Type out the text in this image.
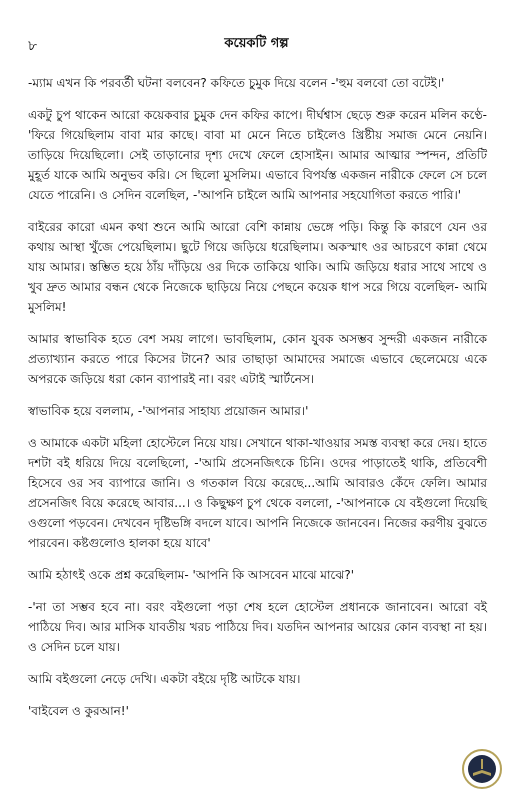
৮	কয়েকটি গল্প

-ম্যাম এখন কি পরবর্তী ঘটনা বলবেন? কফিতে চুমুক দিয়ে বলেন -'হুম বলবো তো বটেই।'

একটু চুপ থাকেন আরো কয়েকবার চুমুক দেন কফির কাপে। দীর্ঘশ্বাস ছেড়ে শুরু করেন মলিন কণ্ঠে- 'ফিরে গিয়েছিলাম বাবা মার কাছে। বাবা মা মেনে নিতে চাইলেও খ্রিষ্টীয় সমাজ মেনে নেয়নি। তাড়িয়ে দিয়েছিলো। সেই তাড়ানোর দৃশ্য দেখে ফেলে হোসাইন। আমার আত্মার স্পন্দন, প্রতিটি মুহূর্ত যাকে আমি অনুভব করি। সে ছিলো মুসলিম। এভাবে বিপর্যস্ত একজন নারীকে ফেলে সে চলে যেতে পারেনি। ও সেদিন বলেছিল, -'আপনি চাইলে আমি আপনার সহযোগিতা করতে পারি।'

বাইরের কারো এমন কথা শুনে আমি আরো বেশি কান্নায় ভেঙ্গে পড়ি। কিন্তু কি কারণে যেন ওর কথায় আস্থা খুঁজে পেয়েছিলাম। ছুটে গিয়ে জড়িয়ে ধরেছিলাম। অকস্মাৎ ওর আচরণে কান্না থেমে যায় আমার। স্তম্ভিত হয়ে ঠাঁয় দাঁড়িয়ে ওর দিকে তাকিয়ে থাকি। আমি জড়িয়ে ধরার সাথে সাথে ও খুব দ্রুত আমার বন্ধন থেকে নিজেকে ছাড়িয়ে নিয়ে পেছনে কয়েক ধাপ সরে গিয়ে বলেছিল- আমি মুসলিম!

আমার স্বাভাবিক হতে বেশ সময় লাগে। ভাবছিলাম, কোন যুবক অসম্ভব সুন্দরী একজন নারীকে প্রত্যাখ্যান করতে পারে কিসের টানে? আর তাছাড়া আমাদের সমাজে এভাবে ছেলেমেয়ে একে অপরকে জড়িয়ে ধরা কোন ব্যাপারই না। বরং এটাই স্মার্টনেস।

স্বাভাবিক হয়ে বললাম, -'আপনার সাহায্য প্রয়োজন আমার।'

ও আমাকে একটা মহিলা হোস্টেলে নিয়ে যায়। সেখানে থাকা-খাওয়ার সমস্ত ব্যবস্থা করে দেয়। হাতে দশটা বই ধরিয়ে দিয়ে বলেছিলো, -'আমি প্রসেনজিৎকে চিনি। ওদের পাড়াতেই থাকি, প্রতিবেশী হিসেবে ওর সব ব্যাপারে জানি। ও গতকাল বিয়ে করেছে...আমি আবারও কেঁদে ফেলি। আমার প্রসেনজিৎ বিয়ে করেছে আবার...। ও কিছুক্ষণ চুপ থেকে বললো, -'আপনাকে যে বইগুলো দিয়েছি ওগুলো পড়বেন। দেখবেন দৃষ্টিভঙ্গি বদলে যাবে। আপনি নিজেকে জানবেন। নিজের করণীয় বুঝতে পারবেন। কষ্টগুলোও হালকা হয়ে যাবে'

আমি হঠাৎই ওকে প্রশ্ন করেছিলাম- 'আপনি কি আসবেন মাঝে মাঝে?'

-'না তা সম্ভব হবে না। বরং বইগুলো পড়া শেষ হলে হোস্টেল প্রধানকে জানাবেন। আরো বই পাঠিয়ে দিব। আর মাসিক যাবতীয় খরচ পাঠিয়ে দিব। যতদিন আপনার আয়ের কোন ব্যবস্থা না হয়। ও সেদিন চলে যায়।

আমি বইগুলো নেড়ে দেখি। একটা বইয়ে দৃষ্টি আটকে যায়।

'বাইবেল ও কুরআন!'
